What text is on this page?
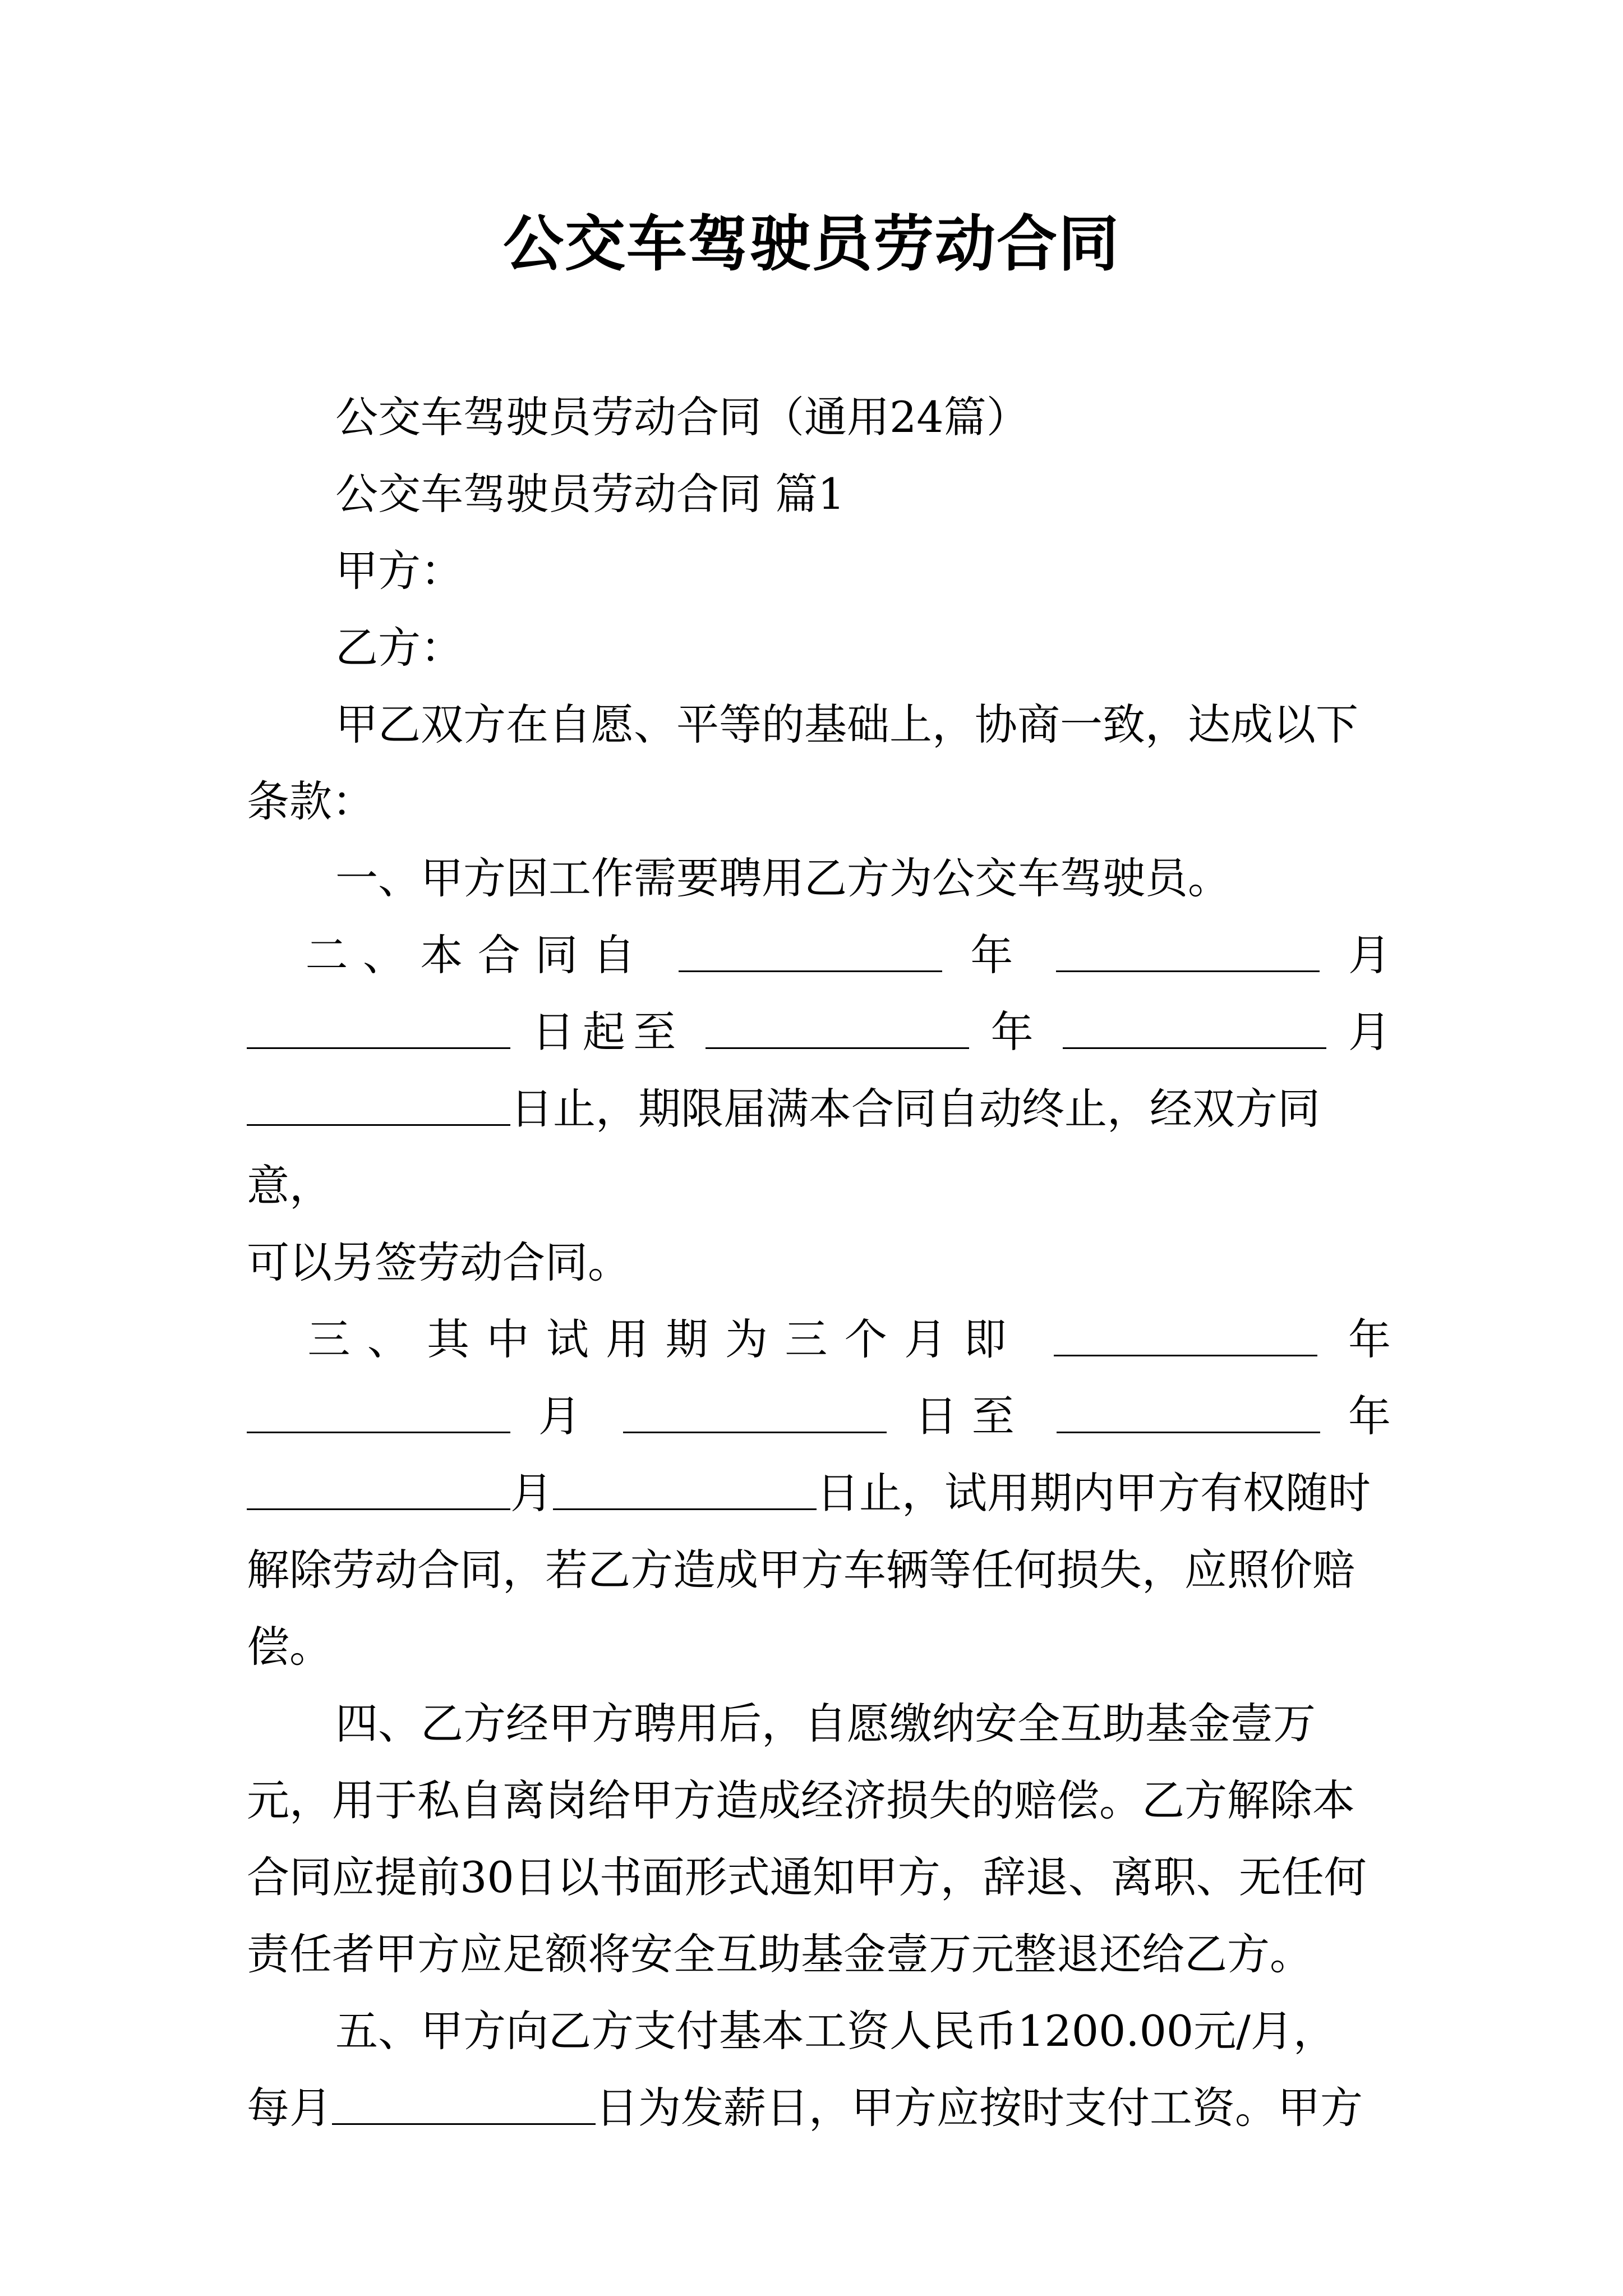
公交车驾驶员劳动合同

公交车驾驶员劳动合同（通用24篇）

公交车驾驶员劳动合同 篇1

甲方：

乙方：

甲乙双方在自愿、平等的基础上，协商一致，达成以下条款：

一、甲方因工作需要聘用乙方为公交车驾驶员。

二、本合同自	年	月
日起至	年	月
日止，期限届满本合同自动终止，经双方同意，

可以另签劳动合同。

三、其中试用期为三个月即	年
月	日至	年
月	日止，试用期内甲方有权随时

解除劳动合同，若乙方造成甲方车辆等任何损失，应照价赔

偿。

四、乙方经甲方聘用后，自愿缴纳安全互助基金壹万元，用于私自离岗给甲方造成经济损失的赔偿。乙方解除本合同应提前30日以书面形式通知甲方，辞退、离职、无任何责任者甲方应足额将安全互助基金壹万元整退还给乙方。

五、甲方向乙方支付基本工资人民币1200.00元/月，

每月	日为发薪日，甲方应按时支付工资。甲方
